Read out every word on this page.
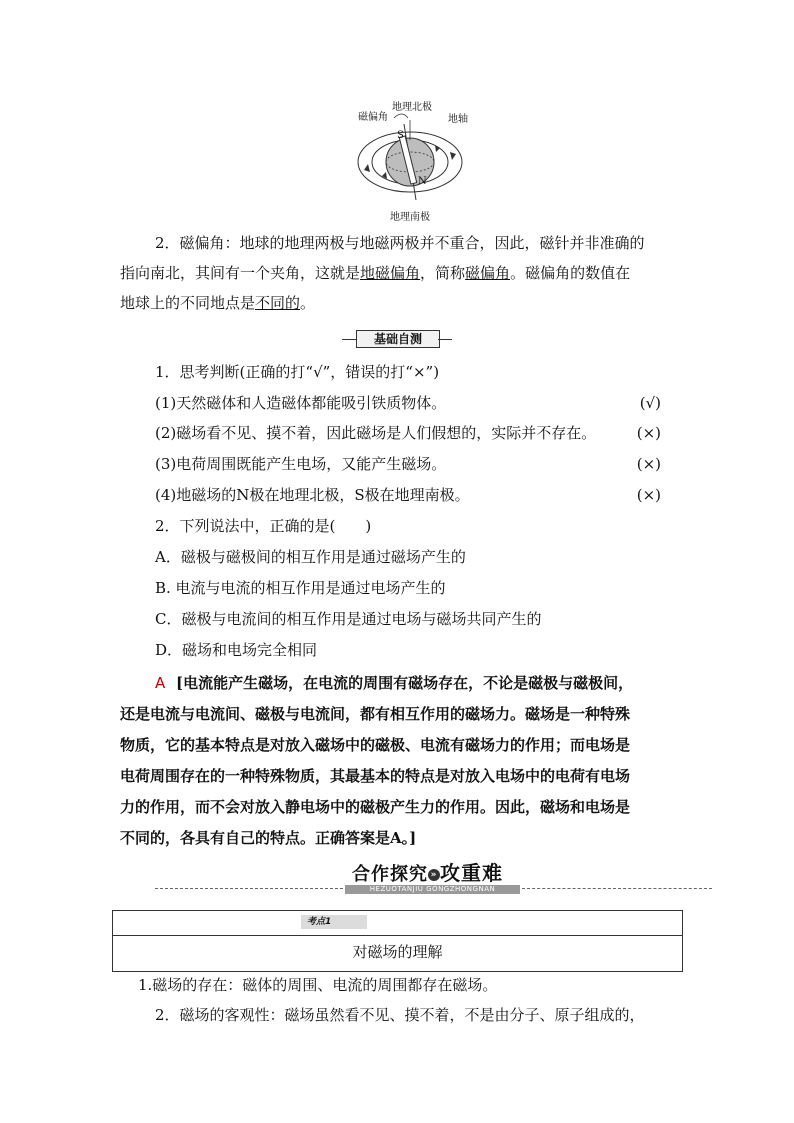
磁偏角
地理北极
地轴
S
N
地理南极
2．磁偏角：地球的地理两极与地磁两极并不重合，因此，磁针并非准确的
指向南北，其间有一个夹角，这就是地磁偏角，简称磁偏角。磁偏角的数值在
地球上的不同地点是不同的。
基础自测
1．思考判断(正确的打“√”，错误的打“×”)
(1)天然磁体和人造磁体都能吸引铁质物体。	(√)
(2)磁场看不见、摸不着，因此磁场是人们假想的，实际并不存在。	(×)
(3)电荷周围既能产生电场，又能产生磁场。	(×)
(4)地磁场的N极在地理北极，S极在地理南极。	(×)
2．下列说法中，正确的是(　　)
A．磁极与磁极间的相互作用是通过磁场产生的
B. 电流与电流的相互作用是通过电场产生的
C．磁极与电流间的相互作用是通过电场与磁场共同产生的
D．磁场和电场完全相同
A [电流能产生磁场，在电流的周围有磁场存在，不论是磁极与磁极间，
还是电流与电流间、磁极与电流间，都有相互作用的磁场力。磁场是一种特殊
物质，它的基本特点是对放入磁场中的磁极、电流有磁场力的作用；而电场是
电荷周围存在的一种特殊物质，其最基本的特点是对放入电场中的电荷有电场
力的作用，而不会对放入静电场中的磁极产生力的作用。因此，磁场和电场是
不同的，各具有自己的特点。正确答案是A。]
合作探究 » 攻重难
HEZUOTANJIU GONGZHONGNAN
考点1
对磁场的理解
1.磁场的存在：磁体的周围、电流的周围都存在磁场。
2．磁场的客观性：磁场虽然看不见、摸不着，不是由分子、原子组成的，
